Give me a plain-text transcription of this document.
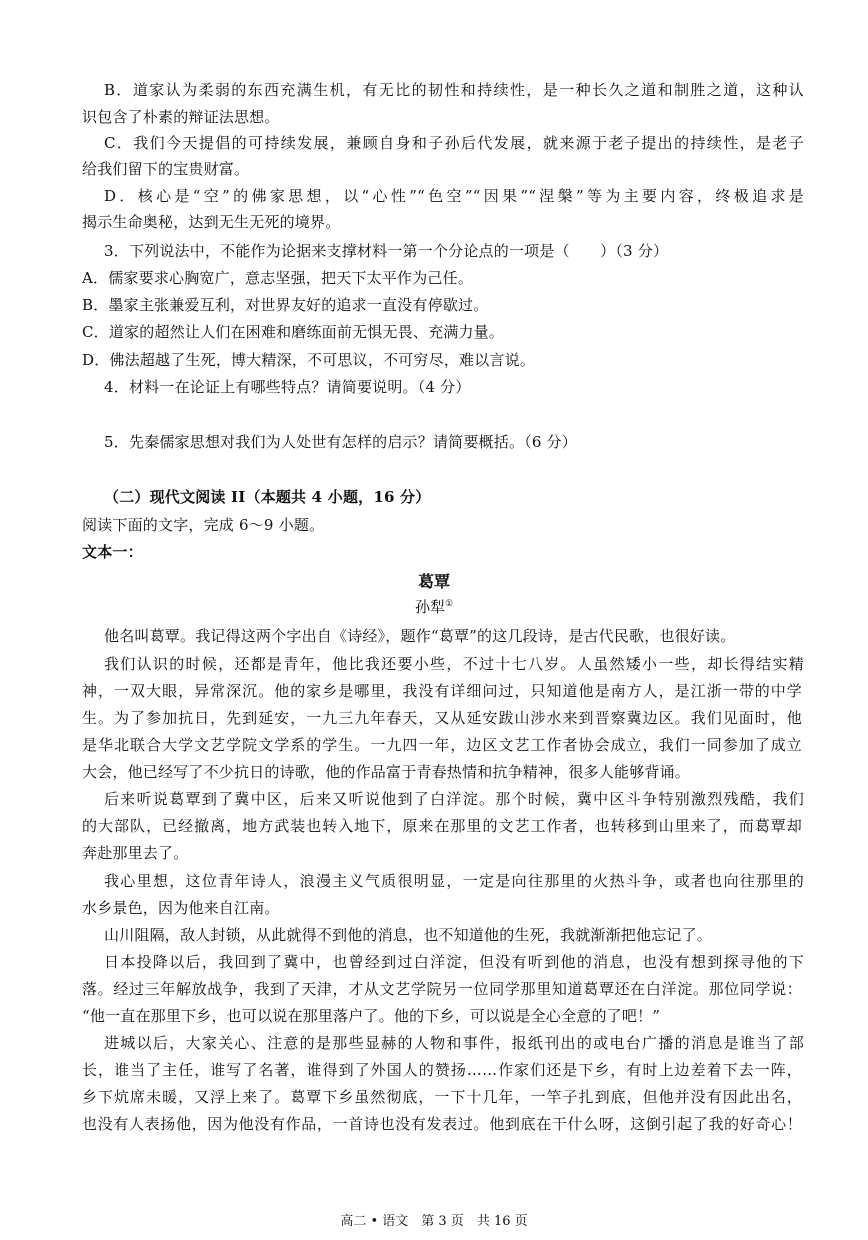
B．道家认为柔弱的东西充满生机，有无比的韧性和持续性，是一种长久之道和制胜之道，这种认
识包含了朴素的辩证法思想。
C．我们今天提倡的可持续发展，兼顾自身和子孙后代发展，就来源于老子提出的持续性，是老子
给我们留下的宝贵财富。
D．核心是“空”的佛家思想，以“心性”“色空”“因果”“涅槃”等为主要内容，终极追求是
揭示生命奥秘，达到无生无死的境界。
3．下列说法中，不能作为论据来支撑材料一第一个分论点的一项是（　　）（3 分）
A．儒家要求心胸宽广，意志坚强，把天下太平作为己任。
B．墨家主张兼爱互利，对世界友好的追求一直没有停歇过。
C．道家的超然让人们在困难和磨练面前无惧无畏、充满力量。
D．佛法超越了生死，博大精深，不可思议，不可穷尽，难以言说。
4．材料一在论证上有哪些特点？请简要说明。（4 分）
5．先秦儒家思想对我们为人处世有怎样的启示？请简要概括。（6 分）
（二）现代文阅读 II（本题共 4 小题，16 分）
阅读下面的文字，完成 6～9 小题。
文本一：
葛覃
孙犁①
他名叫葛覃。我记得这两个字出自《诗经》，题作“葛覃”的这几段诗，是古代民歌，也很好读。
我们认识的时候，还都是青年，他比我还要小些，不过十七八岁。人虽然矮小一些，却长得结实精
神，一双大眼，异常深沉。他的家乡是哪里，我没有详细问过，只知道他是南方人，是江浙一带的中学
生。为了参加抗日，先到延安，一九三九年春天，又从延安跋山涉水来到晋察冀边区。我们见面时，他
是华北联合大学文艺学院文学系的学生。一九四一年，边区文艺工作者协会成立，我们一同参加了成立
大会，他已经写了不少抗日的诗歌，他的作品富于青春热情和抗争精神，很多人能够背诵。
后来听说葛覃到了冀中区，后来又听说他到了白洋淀。那个时候，冀中区斗争特别激烈残酷，我们
的大部队，已经撤离，地方武装也转入地下，原来在那里的文艺工作者，也转移到山里来了，而葛覃却
奔赴那里去了。
我心里想，这位青年诗人，浪漫主义气质很明显，一定是向往那里的火热斗争，或者也向往那里的
水乡景色，因为他来自江南。
山川阻隔，敌人封锁，从此就得不到他的消息，也不知道他的生死，我就渐渐把他忘记了。
日本投降以后，我回到了冀中，也曾经到过白洋淀，但没有听到他的消息，也没有想到探寻他的下
落。经过三年解放战争，我到了天津，才从文艺学院另一位同学那里知道葛覃还在白洋淀。那位同学说：
“他一直在那里下乡，也可以说在那里落户了。他的下乡，可以说是全心全意的了吧！”
进城以后，大家关心、注意的是那些显赫的人物和事件，报纸刊出的或电台广播的消息是谁当了部
长，谁当了主任，谁写了名著，谁得到了外国人的赞扬……作家们还是下乡，有时上边差着下去一阵，
乡下炕席未暖，又浮上来了。葛覃下乡虽然彻底，一下十几年，一竿子扎到底，但他并没有因此出名，
也没有人表扬他，因为他没有作品，一首诗也没有发表过。他到底在干什么呀，这倒引起了我的好奇心！
高二 • 语文　第 3 页　共 16 页
